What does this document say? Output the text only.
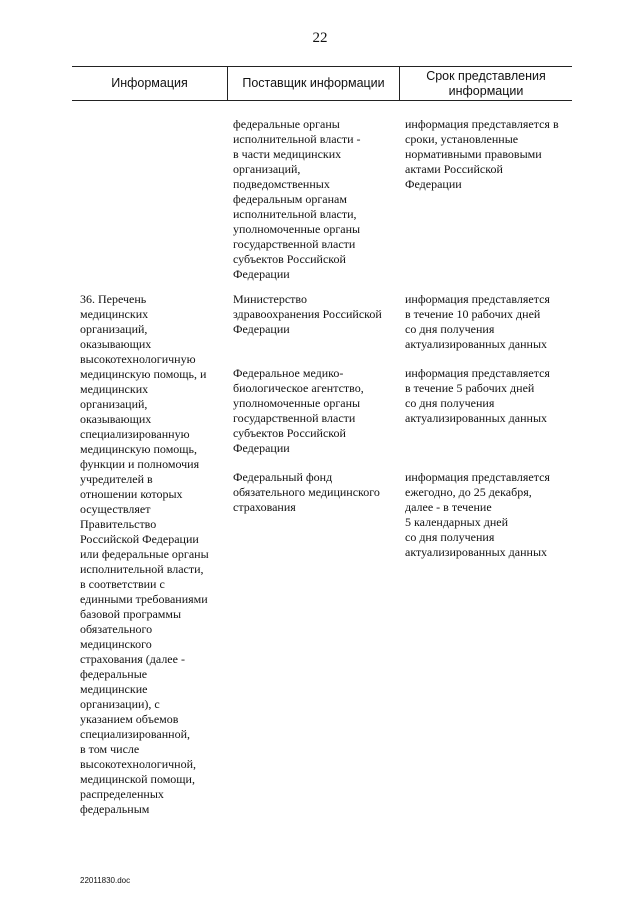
22
Информация	Поставщик информации	Срок представления
информации
федеральные органы
исполнительной власти -
в части медицинских
организаций,
подведомственных
федеральным органам
исполнительной власти,
уполномоченные органы
государственной власти
субъектов Российской
Федерации
информация представляется в
сроки, установленные
нормативными правовыми
актами Российской
Федерации
36. Перечень
медицинских
организаций,
оказывающих
высокотехнологичную
медицинскую помощь, и
медицинских
организаций,
оказывающих
специализированную
медицинскую помощь,
функции и полномочия
учредителей в
отношении которых
осуществляет
Правительство
Российской Федерации
или федеральные органы
исполнительной власти,
в соответствии с
единными требованиями
базовой программы
обязательного
медицинского
страхования (далее -
федеральные
медицинские
организации), с
указанием объемов
специализированной,
в том числе
высокотехнологичной,
медицинской помощи,
распределенных
федеральным
Министерство
здравоохранения Российской
Федерации
информация представляется
в течение 10 рабочих дней
со дня получения
актуализированных данных
Федеральное медико-
биологическое агентство,
уполномоченные органы
государственной власти
субъектов Российской
Федерации
информация представляется
в течение 5 рабочих дней
со дня получения
актуализированных данных
Федеральный фонд
обязательного медицинского
страхования
информация представляется
ежегодно, до 25 декабря,
далее - в течение
5 календарных дней
со дня получения
актуализированных данных
22011830.doc
